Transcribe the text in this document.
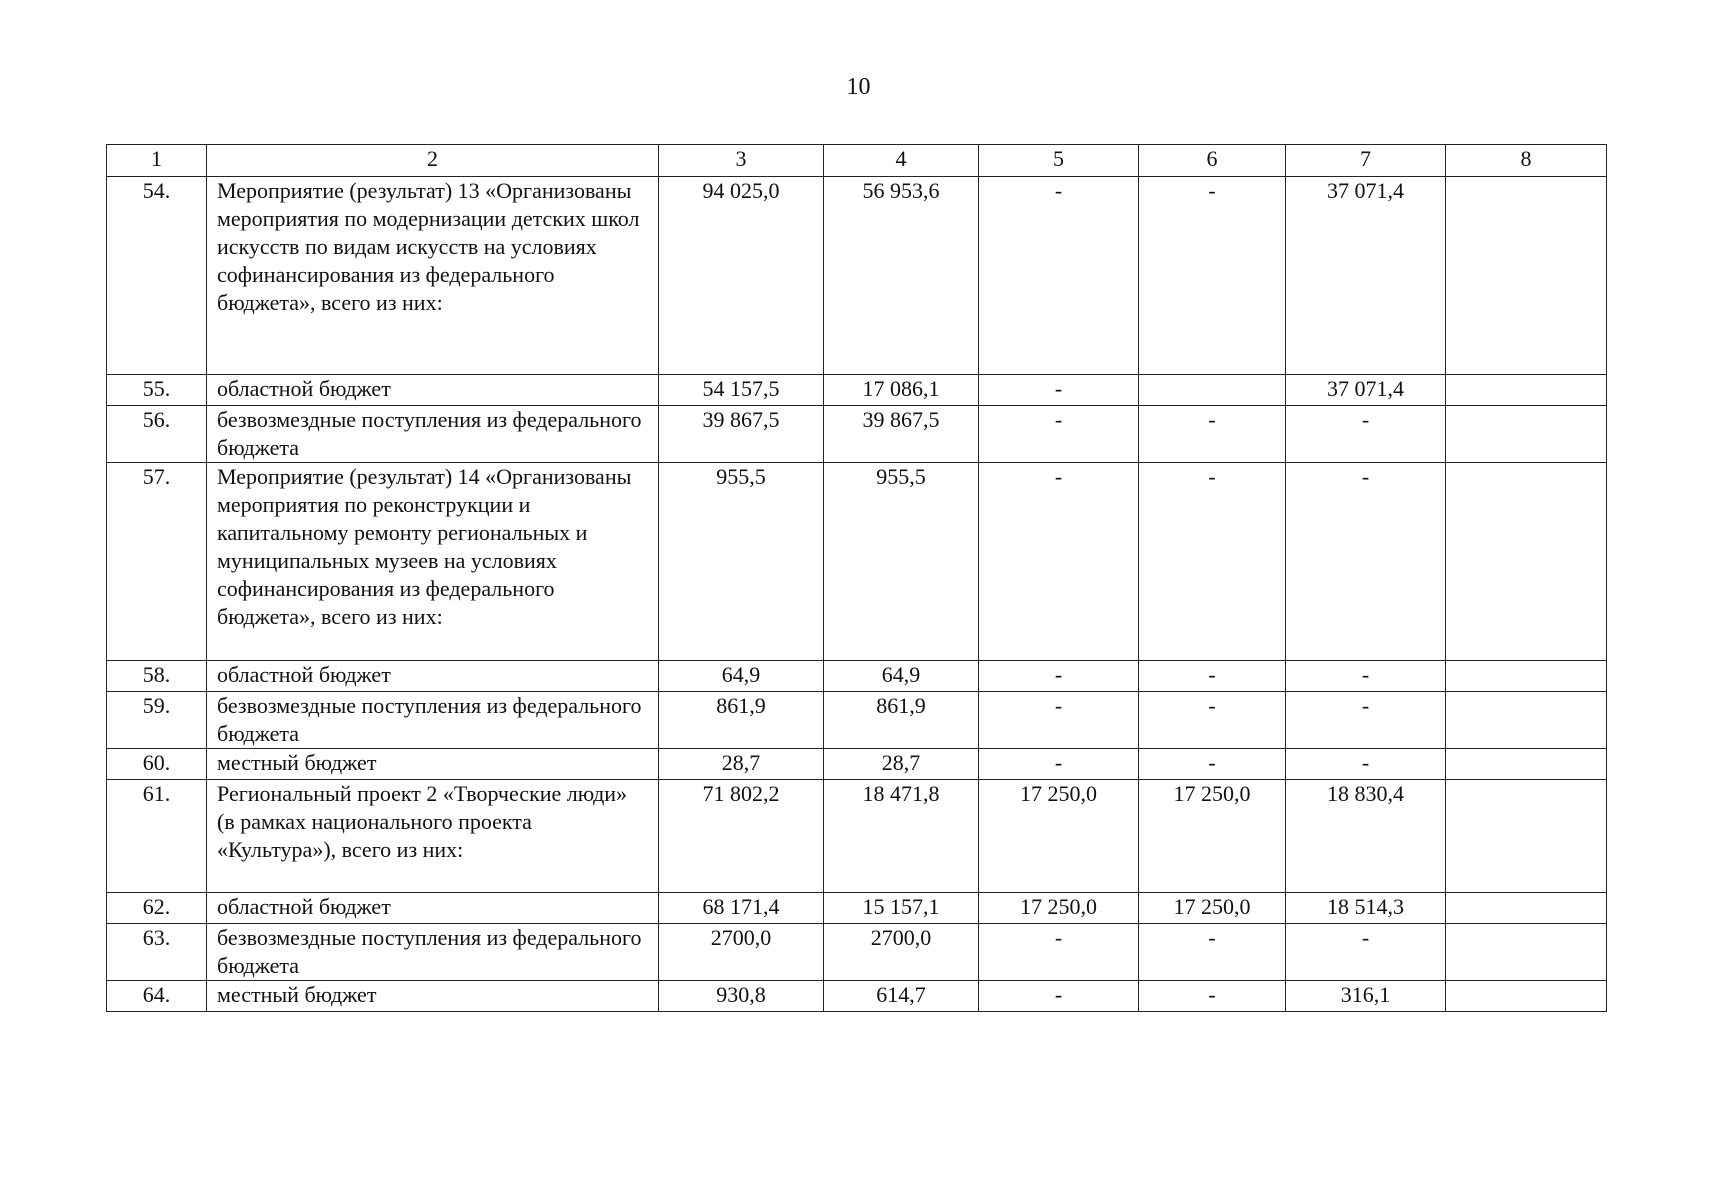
10
1	2	3	4	5	6	7	8
54.	Мероприятие (результат) 13 «Организованы мероприятия по модернизации детских школ искусств по видам искусств на условиях софинансирования из федерального бюджета», всего из них:	94 025,0	56 953,6	-	-	37 071,4	
55.	областной бюджет	54 157,5	17 086,1	-		37 071,4	
56.	безвозмездные поступления из федерального бюджета	39 867,5	39 867,5	-	-	-	
57.	Мероприятие (результат) 14 «Организованы мероприятия по реконструкции и капитальному ремонту региональных и муниципальных музеев на условиях софинансирования из федерального бюджета», всего из них:	955,5	955,5	-	-	-	
58.	областной бюджет	64,9	64,9	-	-	-	
59.	безвозмездные поступления из федерального бюджета	861,9	861,9	-	-	-	
60.	местный бюджет	28,7	28,7	-	-	-	
61.	Региональный проект 2 «Творческие люди» (в рамках национального проекта «Культура»), всего из них:	71 802,2	18 471,8	17 250,0	17 250,0	18 830,4	
62.	областной бюджет	68 171,4	15 157,1	17 250,0	17 250,0	18 514,3	
63.	безвозмездные поступления из федерального бюджета	2700,0	2700,0	-	-	-	
64.	местный бюджет	930,8	614,7	-	-	316,1	
